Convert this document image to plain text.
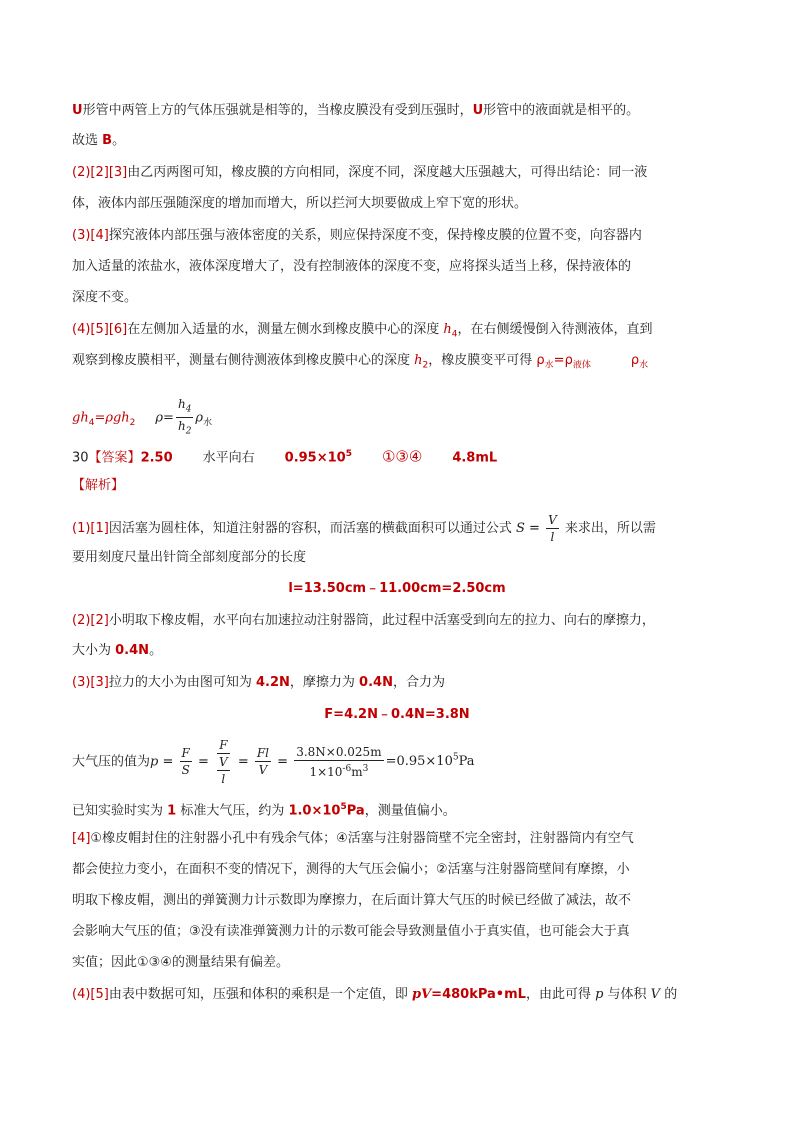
U形管中两管上方的气体压强就是相等的，当橡皮膜没有受到压强时，U形管中的液面就是相平的。
故选 B。
(2)[2][3]由乙丙两图可知，橡皮膜的方向相同，深度不同，深度越大压强越大，可得出结论：同一液
体，液体内部压强随深度的增加而增大，所以拦河大坝要做成上窄下宽的形状。
(3)[4]探究液体内部压强与液体密度的关系，则应保持深度不变，保持橡皮膜的位置不变，向容器内
加入适量的浓盐水，液体深度增大了，没有控制液体的深度不变，应将探头适当上移，保持液体的
深度不变。
(4)[5][6]在左侧加入适量的水，测量左侧水到橡皮膜中心的深度 $h_4$，在右侧缓慢倒入待测液体，直到
观察到橡皮膜相平，测量右侧待测液体到橡皮膜中心的深度 $h_2$，橡皮膜变平可得 $\rho_水=\rho_{液体}$	$\rho_水$
$gh_4=\rho gh_2$ $\rho= \frac{h_4}{h_2} \rho_水$
30【答案】2.50 水平向右 $0.95\times 10^5$ ①③④ 4.8mL
【解析】
(1)[1]因活塞为圆柱体，知道注射器的容积，而活塞的横截面积可以通过公式 $S = \frac{V}{l}$ 来求出，所以需
要用刻度尺量出针筒全部刻度部分的长度
l=13.50cm﹣11.00cm=2.50cm
(2)[2]小明取下橡皮帽，水平向右加速拉动注射器筒，此过程中活塞受到向左的拉力、向右的摩擦力，
大小为 0.4N。
(3)[3]拉力的大小为由图可知为 4.2N，摩擦力为 0.4N，合力为
F=4.2N﹣0.4N=3.8N
大气压的值为$p = \frac{F}{S} = \frac{F}{\frac{V}{l}} = \frac{Fl}{V} = \frac{3.8N\times 0.025m}{1\times 10^{-6}m^3} =0.95\times 10^5Pa$
已知实验时实为 1 标准大气压，约为 $1.0\times 10^5Pa$，测量值偏小。
[4]①橡皮帽封住的注射器小孔中有残余气体；④活塞与注射器筒壁不完全密封，注射器筒内有空气
都会使拉力变小，在面积不变的情况下，测得的大气压会偏小；②活塞与注射器筒壁间有摩擦，小
明取下橡皮帽，测出的弹簧测力计示数即为摩擦力，在后面计算大气压的时候已经做了减法，故不
会影响大气压的值；③没有读准弹簧测力计的示数可能会导致测量值小于真实值，也可能会大于真
实值；因此①③④的测量结果有偏差。
(4)[5]由表中数据可知，压强和体积的乘积是一个定值，即 pV=480kPa•mL，由此可得 p 与体积 V 的
